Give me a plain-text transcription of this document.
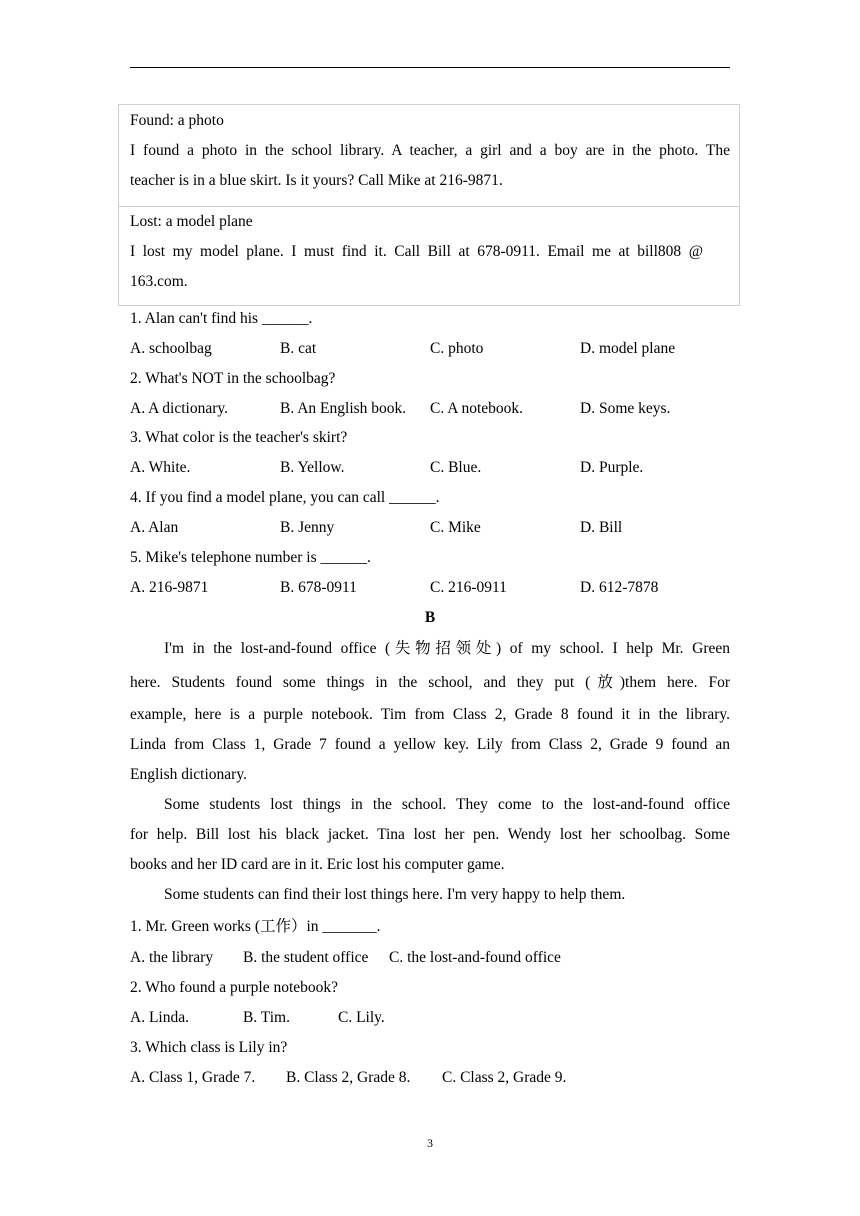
Found: a photo
I found a photo in the school library. A teacher, a girl and a boy are in the photo. The
teacher is in a blue skirt. Is it yours? Call Mike at 216-9871.
Lost: a model plane
I lost my model plane. I must find it. Call Bill at 678-0911. Email me at bill808 @
163.com.
1. Alan can't find his ______.
A. schoolbag	B. cat	C. photo	D. model plane
2. What's NOT in the schoolbag?
A. A dictionary.	B. An English book. C. A notebook.	D. Some keys.
3. What color is the teacher's skirt?
A. White.	B. Yellow.	C. Blue.	D. Purple.
4. If you find a model plane, you can call ______.
A. Alan	B. Jenny	C. Mike	D. Bill
5. Mike's telephone number is ______.
A. 216-9871	B. 678-0911	C. 216-0911	D. 612-7878
B
I'm in the lost-and-found office (失物招领处) of my school. I help Mr. Green
here. Students found some things in the school, and they put (放)them here. For
example, here is a purple notebook. Tim from Class 2, Grade 8 found it in the library.
Linda from Class 1, Grade 7 found a yellow key. Lily from Class 2, Grade 9 found an
English dictionary.
Some students lost things in the school. They come to the lost-and-found office
for help. Bill lost his black jacket. Tina lost her pen. Wendy lost her schoolbag. Some
books and her ID card are in it. Eric lost his computer game.
Some students can find their lost things here. I'm very happy to help them.
1. Mr. Green works (工作）in _______.
A. the library B. the student office C. the lost-and-found office
2. Who found a purple notebook?
A. Linda.	B. Tim.	C. Lily.
3. Which class is Lily in?
A. Class 1, Grade 7. B. Class 2, Grade 8. C. Class 2, Grade 9.
3
